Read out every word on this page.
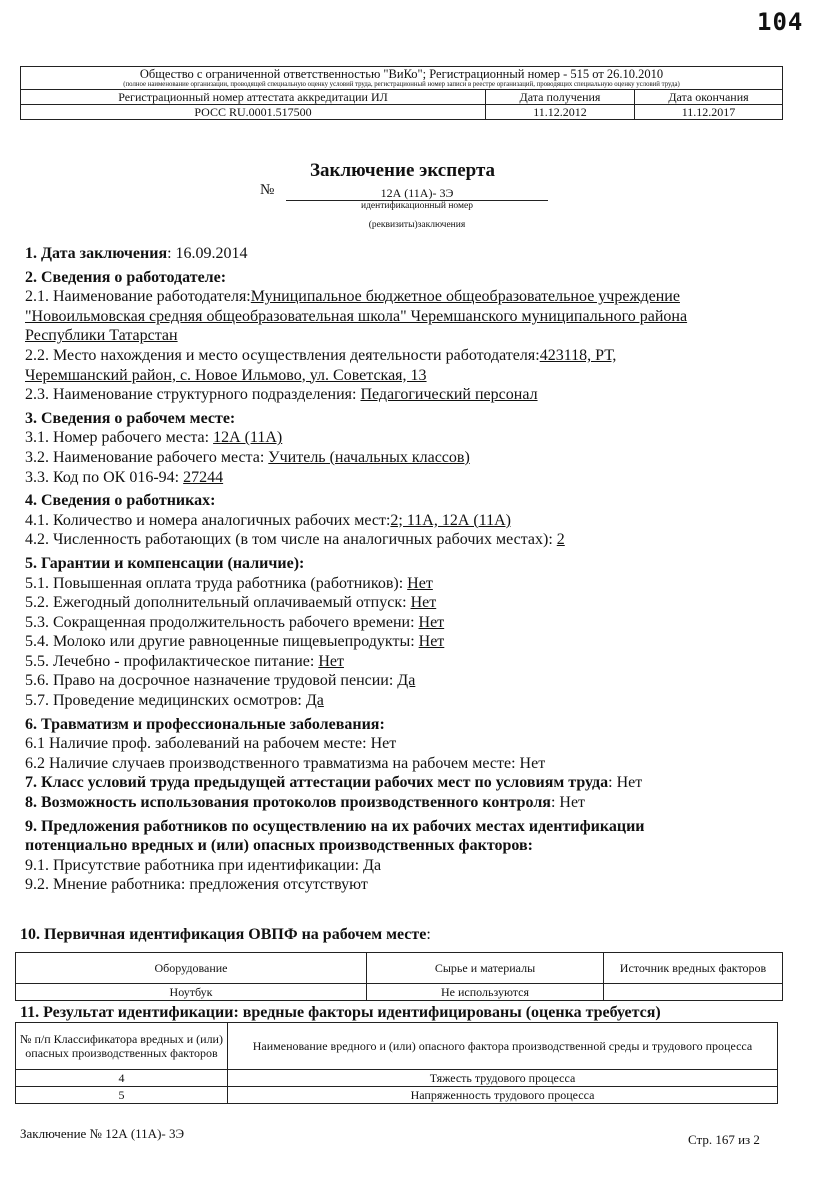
104
Общество с ограниченной ответственностью "ВиКо"; Регистрационный номер - 515 от 26.10.2010		
(полное наименование организации, проводящей специальную оценку условий труда, регистрационный номер записи в реестре организаций, проводящих специальную оценку условий труда)		
Регистрационный номер аттестата аккредитации ИЛ	Дата получения	Дата окончания
РОСС RU.0001.517500	11.12.2012	11.12.2017
Заключение эксперта
№	12А (11А)- 3Э
идентификационный номер
(реквизиты)заключения

1. Дата заключения: 16.09.2014

2. Сведения о работодателе:

2.1. Наименование работодателя:Муниципальное бюджетное общеобразовательное учреждение

"Новоильмовская средняя общеобразовательная школа" Черемшанского муниципального района

Республики Татарстан

2.2. Место нахождения и место осуществления деятельности работодателя:423118, РТ,

Черемшанский район, с. Новое Ильмово, ул. Советская, 13

2.3. Наименование структурного подразделения: Педагогический персонал

3. Сведения о рабочем месте:

3.1. Номер рабочего места: 12А (11А)

3.2. Наименование рабочего места: Учитель (начальных классов)

3.3. Код по ОК 016-94: 27244

4. Сведения о работниках:

4.1. Количество и номера аналогичных рабочих мест:2; 11А, 12А (11А)

4.2. Численность работающих (в том числе на аналогичных рабочих местах): 2

5. Гарантии и компенсации (наличие):

5.1. Повышенная оплата труда работника (работников): Нет

5.2. Ежегодный дополнительный оплачиваемый отпуск: Нет

5.3. Сокращенная продолжительность рабочего времени: Нет

5.4. Молоко или другие равноценные пищевыепродукты: Нет

5.5. Лечебно - профилактическое питание: Нет

5.6. Право на досрочное назначение трудовой пенсии: Да

5.7. Проведение медицинских осмотров: Да

6. Травматизм и профессиональные заболевания:

6.1 Наличие проф. заболеваний на рабочем месте: Нет

6.2 Наличие случаев производственного травматизма на рабочем месте: Нет

7. Класс условий труда предыдущей аттестации рабочих мест по условиям труда: Нет

8. Возможность использования протоколов производственного контроля: Нет

9. Предложения работников по осуществлению на их рабочих местах идентификации

потенциально вредных и (или) опасных производственных факторов:

9.1. Присутствие работника при идентификации: Да

9.2. Мнение работника: предложения отсутствуют

10. Первичная идентификация ОВПФ на рабочем месте:
Оборудование	Сырье и материалы	Источник вредных факторов
Ноутбук	Не используются	
11. Результат идентификации: вредные факторы идентифицированы (оценка требуется)
№ п/п Классификатора вредных и (или) опасных производственных факторов	Наименование вредного и (или) опасного фактора производственной среды и трудового процесса
4	Тяжесть трудового процесса
5	Напряженность трудового процесса
Заключение № 12А (11А)- 3Э	Стр. 167 из 2
